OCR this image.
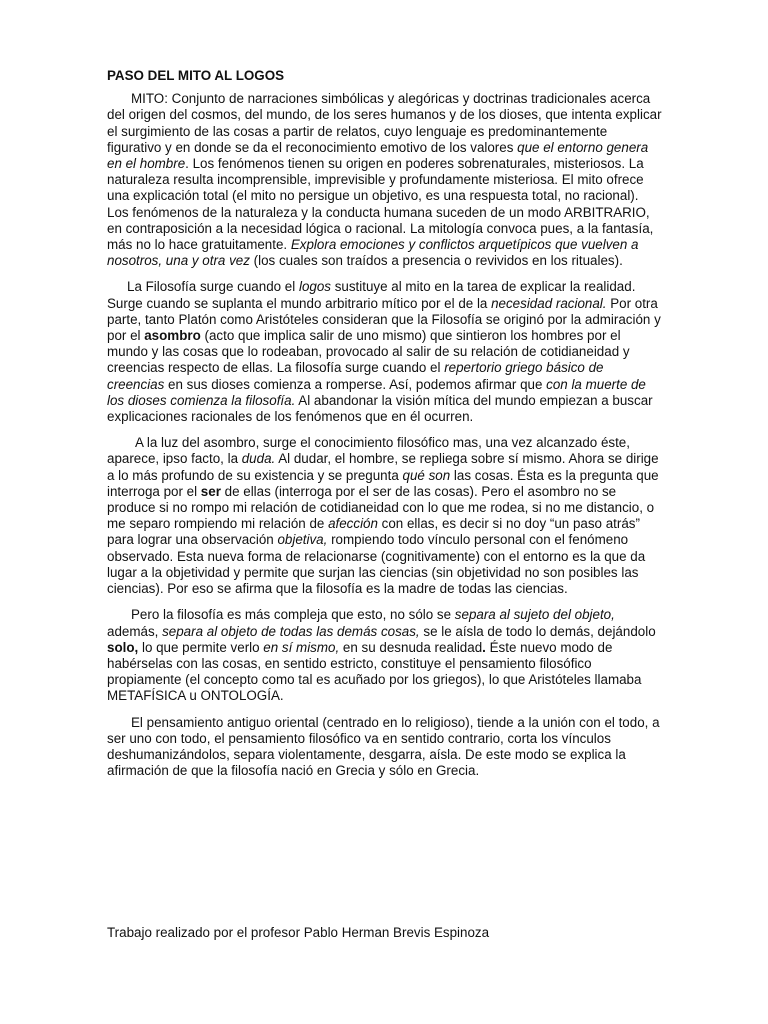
PASO DEL MITO AL LOGOS

MITO: Conjunto de narraciones simbólicas y alegóricas y doctrinas tradicionales acerca del origen del cosmos, del mundo, de los seres humanos y de los dioses, que intenta explicar el surgimiento de las cosas a partir de relatos, cuyo lenguaje es predominantemente figurativo y en donde se da el reconocimiento emotivo de los valores que el entorno genera en el hombre. Los fenómenos tienen su origen en poderes sobrenaturales, misteriosos. La naturaleza resulta incomprensible, imprevisible y profundamente misteriosa. El mito ofrece una explicación total (el mito no persigue un objetivo, es una respuesta total, no racional). Los fenómenos de la naturaleza y la conducta humana suceden de un modo ARBITRARIO, en contraposición a la necesidad lógica o racional. La mitología convoca pues, a la fantasía, más no lo hace gratuitamente. Explora emociones y conflictos arquetípicos que vuelven a nosotros, una y otra vez (los cuales son traídos a presencia o revividos en los rituales).

La Filosofía surge cuando el logos sustituye al mito en la tarea de explicar la realidad. Surge cuando se suplanta el mundo arbitrario mítico por el de la necesidad racional. Por otra parte, tanto Platón como Aristóteles consideran que la Filosofía se originó por la admiración y por el asombro (acto que implica salir de uno mismo) que sintieron los hombres por el mundo y las cosas que lo rodeaban, provocado al salir de su relación de cotidianeidad y creencias respecto de ellas. La filosofía surge cuando el repertorio griego básico de creencias en sus dioses comienza a romperse. Así, podemos afirmar que con la muerte de los dioses comienza la filosofía. Al abandonar la visión mítica del mundo empiezan a buscar explicaciones racionales de los fenómenos que en él ocurren.

A la luz del asombro, surge el conocimiento filosófico mas, una vez alcanzado éste, aparece, ipso facto, la duda. Al dudar, el hombre, se repliega sobre sí mismo. Ahora se dirige a lo más profundo de su existencia y se pregunta qué son las cosas. Ésta es la pregunta que interroga por el ser de ellas (interroga por el ser de las cosas). Pero el asombro no se produce si no rompo mi relación de cotidianeidad con lo que me rodea, si no me distancio, o me separo rompiendo mi relación de afección con ellas, es decir si no doy “un paso atrás” para lograr una observación objetiva, rompiendo todo vínculo personal con el fenómeno observado. Esta nueva forma de relacionarse (cognitivamente) con el entorno es la que da lugar a la objetividad y permite que surjan las ciencias (sin objetividad no son posibles las ciencias). Por eso se afirma que la filosofía es la madre de todas las ciencias.

Pero la filosofía es más compleja que esto, no sólo se separa al sujeto del objeto, además, separa al objeto de todas las demás cosas, se le aísla de todo lo demás, dejándolo solo, lo que permite verlo en sí mismo, en su desnuda realidad. Éste nuevo modo de habérselas con las cosas, en sentido estricto, constituye el pensamiento filosófico propiamente (el concepto como tal es acuñado por los griegos), lo que Aristóteles llamaba METAFÍSICA u ONTOLOGÍA.

El pensamiento antiguo oriental (centrado en lo religioso), tiende a la unión con el todo, a ser uno con todo, el pensamiento filosófico va en sentido contrario, corta los vínculos deshumanizándolos, separa violentamente, desgarra, aísla. De este modo se explica la afirmación de que la filosofía nació en Grecia y sólo en Grecia.

Trabajo realizado por el profesor Pablo Herman Brevis Espinoza
